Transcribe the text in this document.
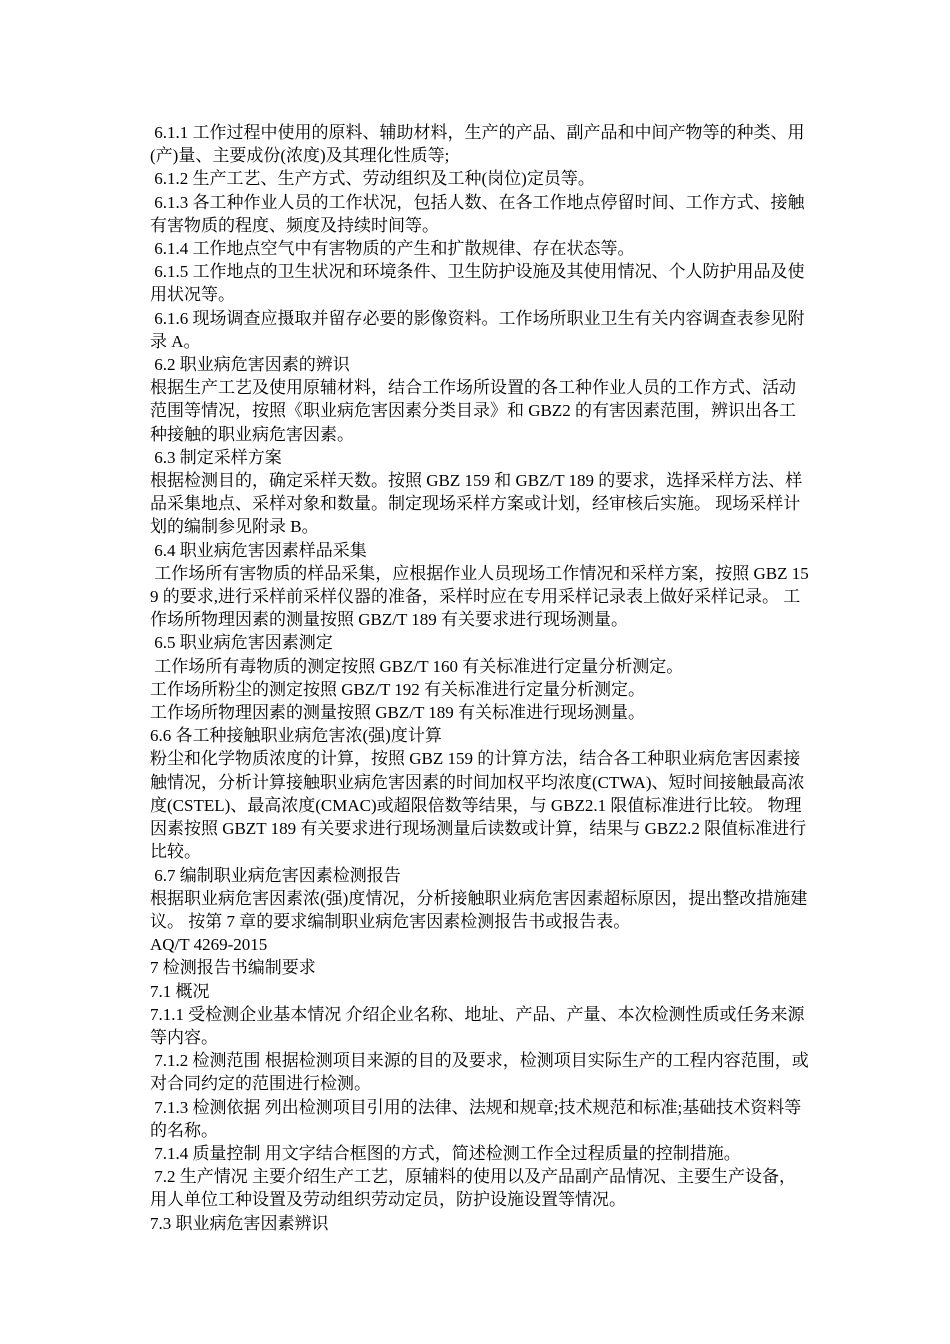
6.1.1 工作过程中使用的原料、辅助材料，生产的产品、副产品和中间产物等的种类、用(产)量、主要成份(浓度)及其理化性质等;

6.1.2 生产工艺、生产方式、劳动组织及工种(岗位)定员等。

6.1.3 各工种作业人员的工作状况，包括人数、在各工作地点停留时间、工作方式、接触有害物质的程度、频度及持续时间等。

6.1.4 工作地点空气中有害物质的产生和扩散规律、存在状态等。

6.1.5 工作地点的卫生状况和环境条件、卫生防护设施及其使用情况、个人防护用品及使用状况等。

6.1.6 现场调查应摄取并留存必要的影像资料。工作场所职业卫生有关内容调查表参见附录 A。

6.2 职业病危害因素的辨识

根据生产工艺及使用原辅材料，结合工作场所设置的各工种作业人员的工作方式、活动范围等情况，按照《职业病危害因素分类目录》和 GBZ2 的有害因素范围，辨识出各工种接触的职业病危害因素。

6.3 制定采样方案

根据检测目的，确定采样天数。按照 GBZ 159 和 GBZ/T 189 的要求，选择采样方法、样品采集地点、采样对象和数量。制定现场采样方案或计划，经审核后实施。 现场采样计划的编制参见附录 B。

6.4 职业病危害因素样品采集

工作场所有害物质的样品采集，应根据作业人员现场工作情况和采样方案，按照 GBZ 159 的要求,进行采样前采样仪器的准备，采样时应在专用采样记录表上做好采样记录。 工作场所物理因素的测量按照 GBZ/T 189 有关要求进行现场测量。

6.5 职业病危害因素测定

工作场所有毒物质的测定按照 GBZ/T 160 有关标准进行定量分析测定。

工作场所粉尘的测定按照 GBZ/T 192 有关标准进行定量分析测定。

工作场所物理因素的测量按照 GBZ/T 189 有关标准进行现场测量。

6.6 各工种接触职业病危害浓(强)度计算

粉尘和化学物质浓度的计算，按照 GBZ 159 的计算方法，结合各工种职业病危害因素接触情况，分析计算接触职业病危害因素的时间加权平均浓度(CTWA)、短时间接触最高浓度(CSTEL)、最高浓度(CMAC)或超限倍数等结果，与 GBZ2.1 限值标准进行比较。 物理因素按照 GBZT 189 有关要求进行现场测量后读数或计算，结果与 GBZ2.2 限值标准进行比较。

6.7 编制职业病危害因素检测报告

根据职业病危害因素浓(强)度情况，分析接触职业病危害因素超标原因，提出整改措施建议。 按第 7 章的要求编制职业病危害因素检测报告书或报告表。

AQ/T 4269-2015

7 检测报告书编制要求

7.1 概况

7.1.1 受检测企业基本情况 介绍企业名称、地址、产品、产量、本次检测性质或任务来源等内容。

7.1.2 检测范围 根据检测项目来源的目的及要求，检测项目实际生产的工程内容范围，或对合同约定的范围进行检测。

7.1.3 检测依据 列出检测项目引用的法律、法规和规章;技术规范和标准;基础技术资料等的名称。

7.1.4 质量控制 用文字结合框图的方式，简述检测工作全过程质量的控制措施。

7.2 生产情况 主要介绍生产工艺，原辅料的使用以及产品副产品情况、主要生产设备，用人单位工种设置及劳动组织劳动定员，防护设施设置等情况。

7.3 职业病危害因素辨识
